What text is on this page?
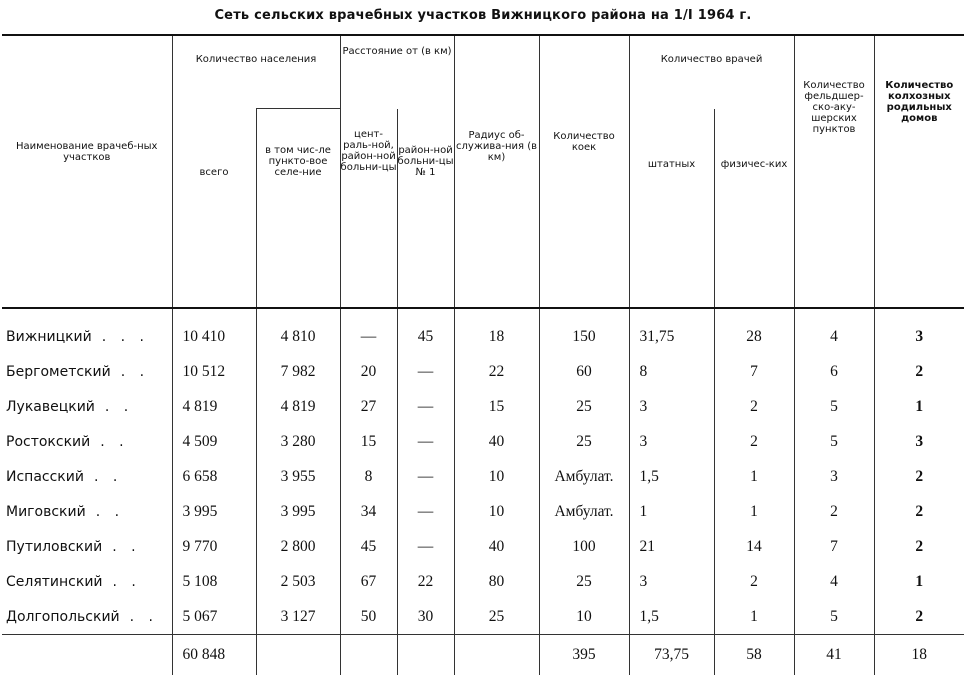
Сеть сельских врачебных участков Вижницкого района на 1/I 1964 г.
Наименование врачеб-ных участков	Количество населения		Расстояние от (в км)		Радиус об-служива-ния (в км)	Количество коек	Количество врачей		Количество фельдшер-ско-аку-шерских пунктов	Количество колхозных родильных домов

	всего	в том чис-ле пункто-вое селе-ние	цент-раль-ной, район-ной больни-цы	район-ной больни-цы № 1			штатных	физичес-ких		
Вижницкий . . .	10 410	4 810	—	45	18	150	31,75	28	4	3
Бергометский . .	10 512	7 982	20	—	22	60	8	7	6	2
Лукавецкий . .	4 819	4 819	27	—	15	25	3	2	5	1
Ростокский . .	4 509	3 280	15	—	40	25	3	2	5	3
Испасский . .	6 658	3 955	8	—	10	Амбулат.	1,5	1	3	2
Миговский . .	3 995	3 995	34	—	10	Амбулат.	1	1	2	2
Путиловский . .	9 770	2 800	45	—	40	100	21	14	7	2
Селятинский . .	5 108	2 503	67	22	80	25	3	2	4	1
Долгопольский . .	5 067	3 127	50	30	25	10	1,5	1	5	2
	60 848					395	73,75	58	41	18
